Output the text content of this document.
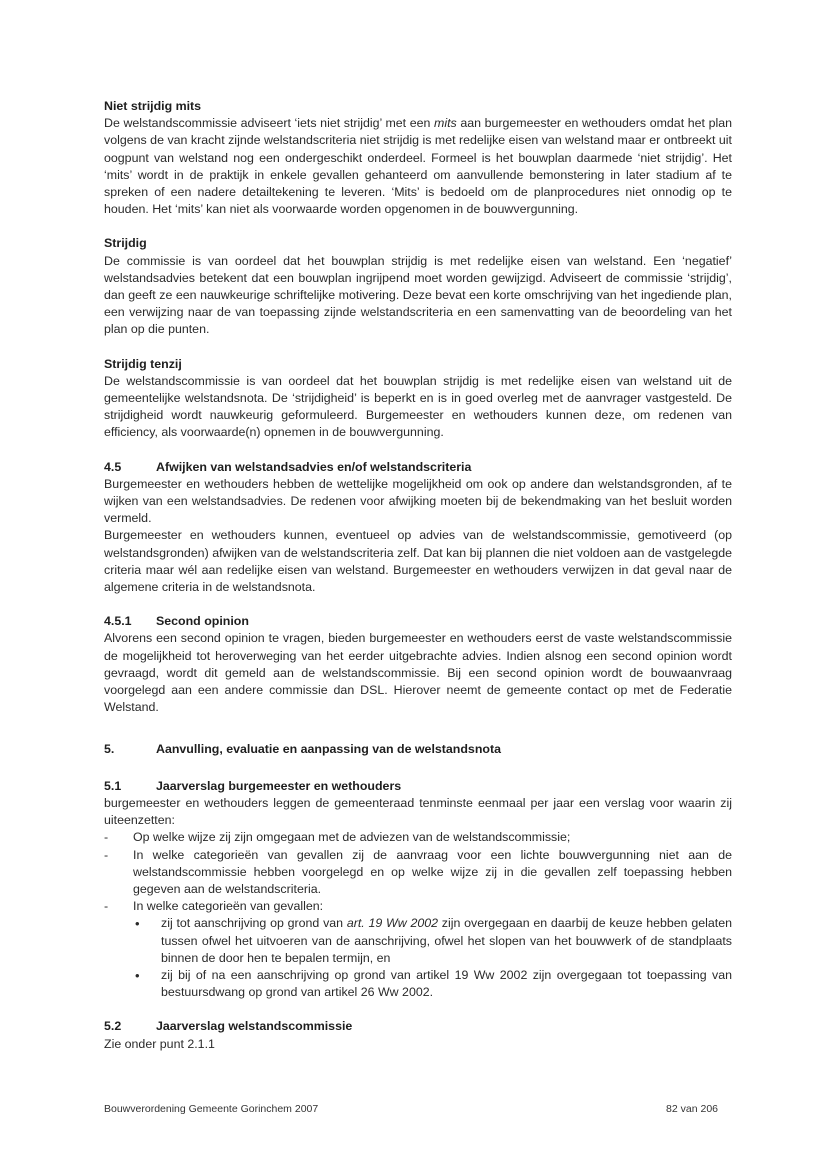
Niet strijdig mits

De welstandscommissie adviseert ‘iets niet strijdig’ met een mits aan burgemeester en wethouders omdat het plan volgens de van kracht zijnde welstandscriteria niet strijdig is met redelijke eisen van welstand maar er ontbreekt uit oogpunt van welstand nog een ondergeschikt onderdeel. Formeel is het bouwplan daarmede ‘niet strijdig’. Het ‘mits’ wordt in de praktijk in enkele gevallen gehanteerd om aanvullende bemonstering in later stadium af te spreken of een nadere detailtekening te leveren. ‘Mits’ is bedoeld om de planprocedures niet onnodig op te houden. Het ‘mits’ kan niet als voorwaarde worden opgenomen in de bouwvergunning.

Strijdig

De commissie is van oordeel dat het bouwplan strijdig is met redelijke eisen van welstand. Een ‘negatief’ welstandsadvies betekent dat een bouwplan ingrijpend moet worden gewijzigd. Adviseert de commissie ‘strijdig’, dan geeft ze een nauwkeurige schriftelijke motivering. Deze bevat een korte omschrijving van het ingediende plan, een verwijzing naar de van toepassing zijnde welstandscriteria en een samenvatting van de beoordeling van het plan op die punten.

Strijdig tenzij

De welstandscommissie is van oordeel dat het bouwplan strijdig is met redelijke eisen van welstand uit de gemeentelijke welstandsnota. De ‘strijdigheid’ is beperkt en is in goed overleg met de aanvrager vastgesteld. De strijdigheid wordt nauwkeurig geformuleerd. Burgemeester en wethouders kunnen deze, om redenen van efficiency, als voorwaarde(n) opnemen in de bouwvergunning.

4.5	Afwijken van welstandsadvies en/of welstandscriteria

Burgemeester en wethouders hebben de wettelijke mogelijkheid om ook op andere dan welstandsgronden, af te wijken van een welstandsadvies. De redenen voor afwijking moeten bij de bekendmaking van het besluit worden vermeld.

Burgemeester en wethouders kunnen, eventueel op advies van de welstandscommissie, gemotiveerd (op welstandsgronden) afwijken van de welstandscriteria zelf. Dat kan bij plannen die niet voldoen aan de vastgelegde criteria maar wél aan redelijke eisen van welstand. Burgemeester en wethouders verwijzen in dat geval naar de algemene criteria in de welstandsnota.

4.5.1 Second opinion

Alvorens een second opinion te vragen, bieden burgemeester en wethouders eerst de vaste welstandscommissie de mogelijkheid tot heroverweging van het eerder uitgebrachte advies. Indien alsnog een second opinion wordt gevraagd, wordt dit gemeld aan de welstandscommissie. Bij een second opinion wordt de bouwaanvraag voorgelegd aan een andere commissie dan DSL. Hierover neemt de gemeente contact op met de Federatie Welstand.

5.	Aanvulling, evaluatie en aanpassing van de welstandsnota
5.1	Jaarverslag burgemeester en wethouders

burgemeester en wethouders leggen de gemeenteraad tenminste eenmaal per jaar een verslag voor waarin zij uiteenzetten:

- Op welke wijze zij zijn omgegaan met de adviezen van de welstandscommissie;
- In welke categorieën van gevallen zij de aanvraag voor een lichte bouwvergunning niet aan de welstandscommissie hebben voorgelegd en op welke wijze zij in die gevallen zelf toepassing hebben gegeven aan de welstandscriteria.
- In welke categorieën van gevallen:
• zij tot aanschrijving op grond van art. 19 Ww 2002 zijn overgegaan en daarbij de keuze hebben gelaten tussen ofwel het uitvoeren van de aanschrijving, ofwel het slopen van het bouwwerk of de standplaats binnen de door hen te bepalen termijn, en
• zij bij of na een aanschrijving op grond van artikel 19 Ww 2002 zijn overgegaan tot toepassing van bestuursdwang op grond van artikel 26 Ww 2002.
5.2	Jaarverslag welstandscommissie

Zie onder punt 2.1.1

Bouwverordening Gemeente Gorinchem 2007	82 van 206
